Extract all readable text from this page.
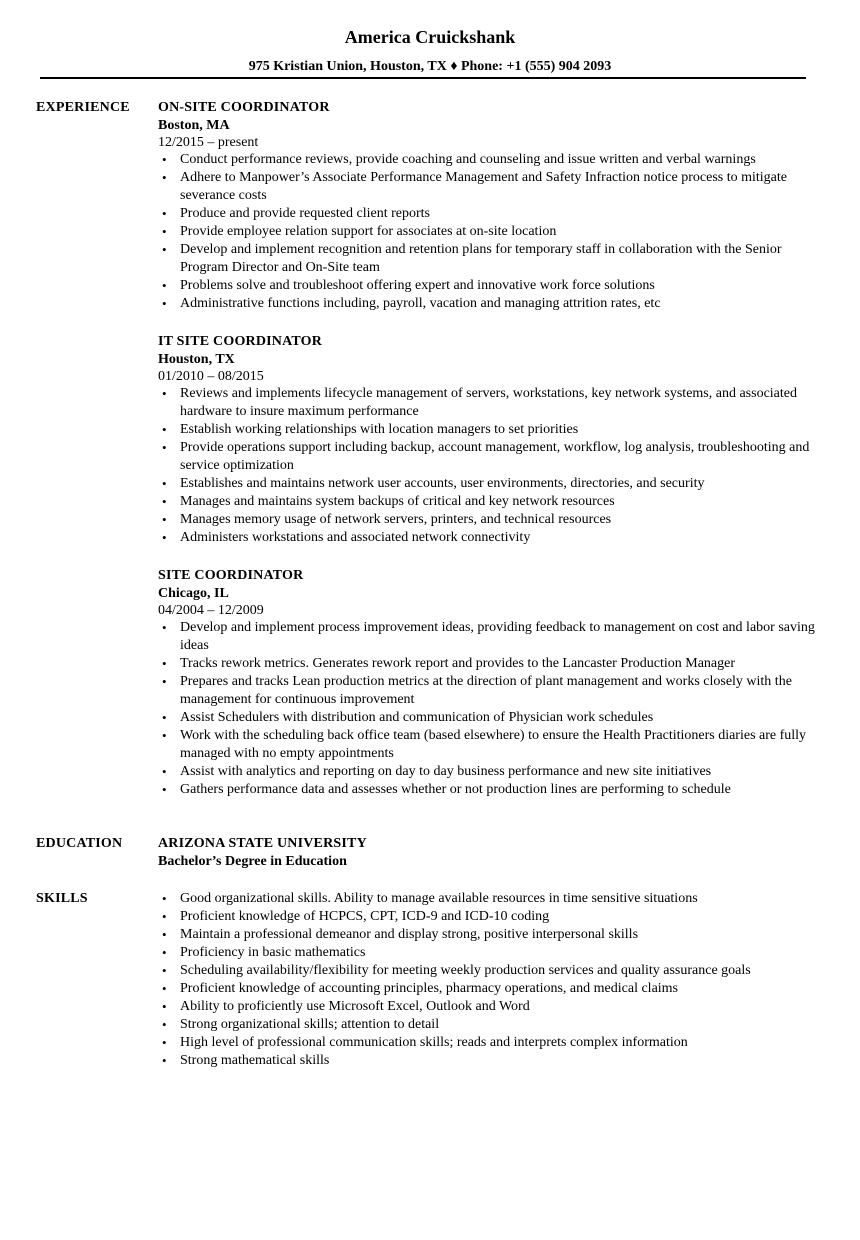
America Cruickshank
975 Kristian Union, Houston, TX ♦ Phone: +1 (555) 904 2093
EXPERIENCE ON-SITE COORDINATOR
Boston, MA
12/2015 – present
• Conduct performance reviews, provide coaching and counseling and issue written and verbal warnings
• Adhere to Manpower’s Associate Performance Management and Safety Infraction notice process to mitigate severance costs
• Produce and provide requested client reports
• Provide employee relation support for associates at on-site location
• Develop and implement recognition and retention plans for temporary staff in collaboration with the Senior Program Director and On-Site team
• Problems solve and troubleshoot offering expert and innovative work force solutions
• Administrative functions including, payroll, vacation and managing attrition rates, etc
IT SITE COORDINATOR
Houston, TX
01/2010 – 08/2015
• Reviews and implements lifecycle management of servers, workstations, key network systems, and associated hardware to insure maximum performance
• Establish working relationships with location managers to set priorities
• Provide operations support including backup, account management, workflow, log analysis, troubleshooting and service optimization
• Establishes and maintains network user accounts, user environments, directories, and security
• Manages and maintains system backups of critical and key network resources
• Manages memory usage of network servers, printers, and technical resources
• Administers workstations and associated network connectivity
SITE COORDINATOR
Chicago, IL
04/2004 – 12/2009
• Develop and implement process improvement ideas, providing feedback to management on cost and labor saving ideas
• Tracks rework metrics. Generates rework report and provides to the Lancaster Production Manager
• Prepares and tracks Lean production metrics at the direction of plant management and works closely with the management for continuous improvement
• Assist Schedulers with distribution and communication of Physician work schedules
• Work with the scheduling back office team (based elsewhere) to ensure the Health Practitioners diaries are fully managed with no empty appointments
• Assist with analytics and reporting on day to day business performance and new site initiatives
• Gathers performance data and assesses whether or not production lines are performing to schedule
EDUCATION	ARIZONA STATE UNIVERSITY
Bachelor’s Degree in Education
SKILLS	• Good organizational skills. Ability to manage available resources in time sensitive situations
• Proficient knowledge of HCPCS, CPT, ICD-9 and ICD-10 coding
• Maintain a professional demeanor and display strong, positive interpersonal skills
• Proficiency in basic mathematics
• Scheduling availability/flexibility for meeting weekly production services and quality assurance goals
• Proficient knowledge of accounting principles, pharmacy operations, and medical claims
• Ability to proficiently use Microsoft Excel, Outlook and Word
• Strong organizational skills; attention to detail
• High level of professional communication skills; reads and interprets complex information
• Strong mathematical skills
